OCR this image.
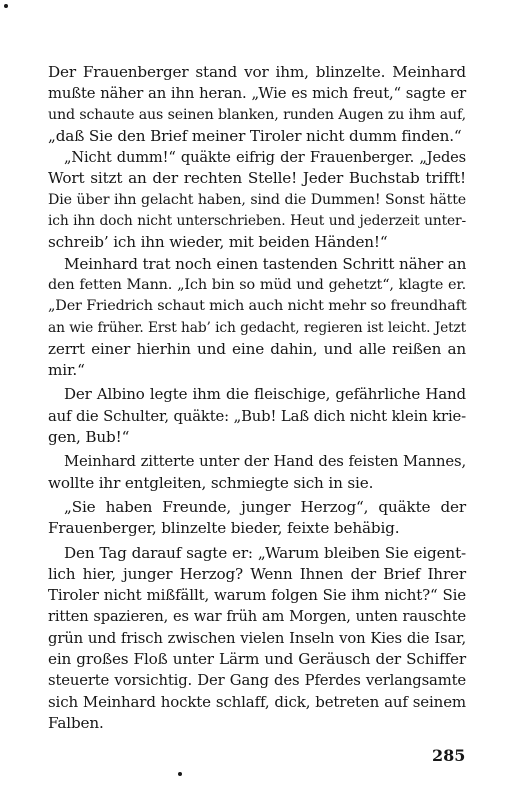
Der Frauenberger stand vor ihm, blinzelte. Meinhard
mußte näher an ihn heran. „Wie es mich freut,“ sagte er
und schaute aus seinen blanken, runden Augen zu ihm auf,
„daß Sie den Brief meiner Tiroler nicht dumm finden.“
„Nicht dumm!“ quäkte eifrig der Frauenberger. „Jedes
Wort sitzt an der rechten Stelle! Jeder Buchstab trifft!
Die über ihn gelacht haben, sind die Dummen! Sonst hätte
ich ihn doch nicht unterschrieben. Heut und jederzeit unter-
schreib’ ich ihn wieder, mit beiden Händen!“
Meinhard trat noch einen tastenden Schritt näher an
den fetten Mann. „Ich bin so müd und gehetzt“, klagte er.
„Der Friedrich schaut mich auch nicht mehr so freundhaft
an wie früher. Erst hab’ ich gedacht, regieren ist leicht. Jetzt
zerrt einer hierhin und eine dahin, und alle reißen an
mir.“
Der Albino legte ihm die fleischige, gefährliche Hand
auf die Schulter, quäkte: „Bub! Laß dich nicht klein krie-
gen, Bub!“
Meinhard zitterte unter der Hand des feisten Mannes,
wollte ihr entgleiten, schmiegte sich in sie.
„Sie haben Freunde, junger Herzog“, quäkte der
Frauenberger, blinzelte bieder, feixte behäbig.
Den Tag darauf sagte er: „Warum bleiben Sie eigent-
lich hier, junger Herzog? Wenn Ihnen der Brief Ihrer
Tiroler nicht mißfällt, warum folgen Sie ihm nicht?“ Sie
ritten spazieren, es war früh am Morgen, unten rauschte
grün und frisch zwischen vielen Inseln von Kies die Isar,
ein großes Floß unter Lärm und Geräusch der Schiffer
steuerte vorsichtig. Der Gang des Pferdes verlangsamte
sich Meinhard hockte schlaff, dick, betreten auf seinem
Falben.
285
